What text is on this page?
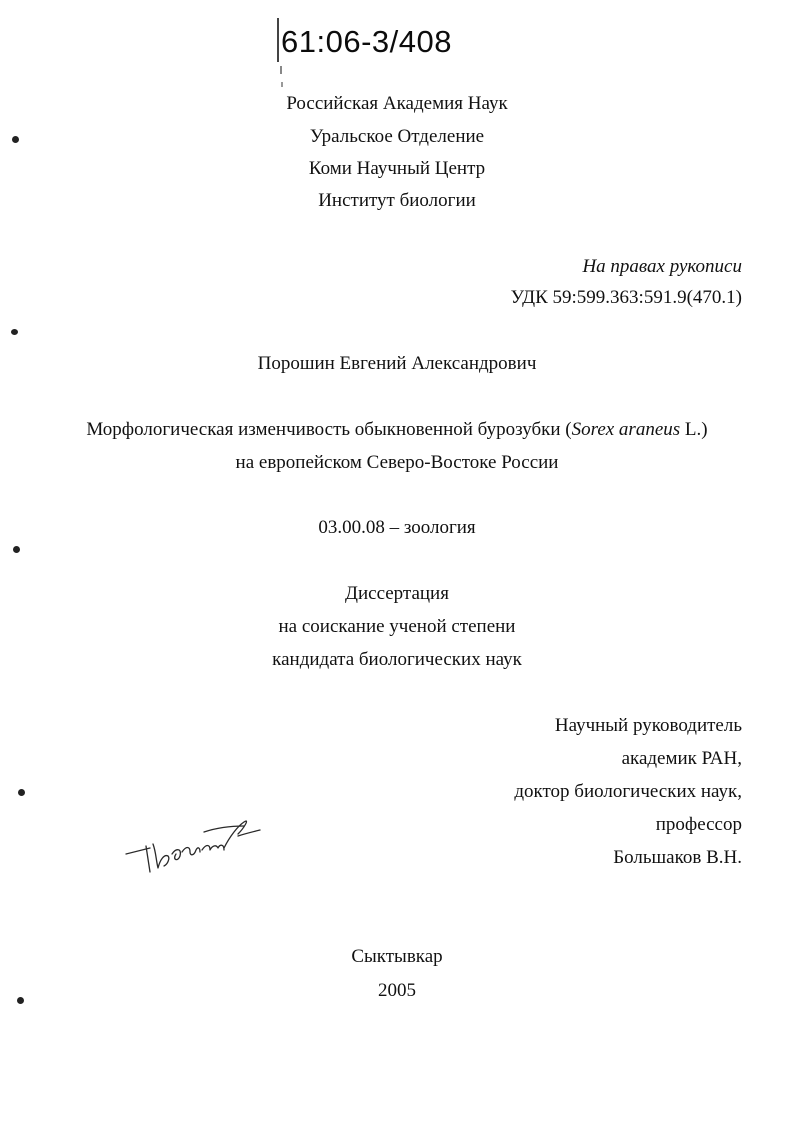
61:06-3/408
Российская Академия Наук
Уральское Отделение
Коми Научный Центр
Институт биологии
На правах рукописи
УДК 59:599.363:591.9(470.1)
Порошин Евгений Александрович
Морфологическая изменчивость обыкновенной бурозубки (Sorex araneus L.)
на европейском Северо-Востоке России
03.00.08 – зоология
Диссертация
на соискание ученой степени
кандидата биологических наук
Научный руководитель
академик РАН,
доктор биологических наук,
профессор
Большаков В.Н.
Сыктывкар
2005
